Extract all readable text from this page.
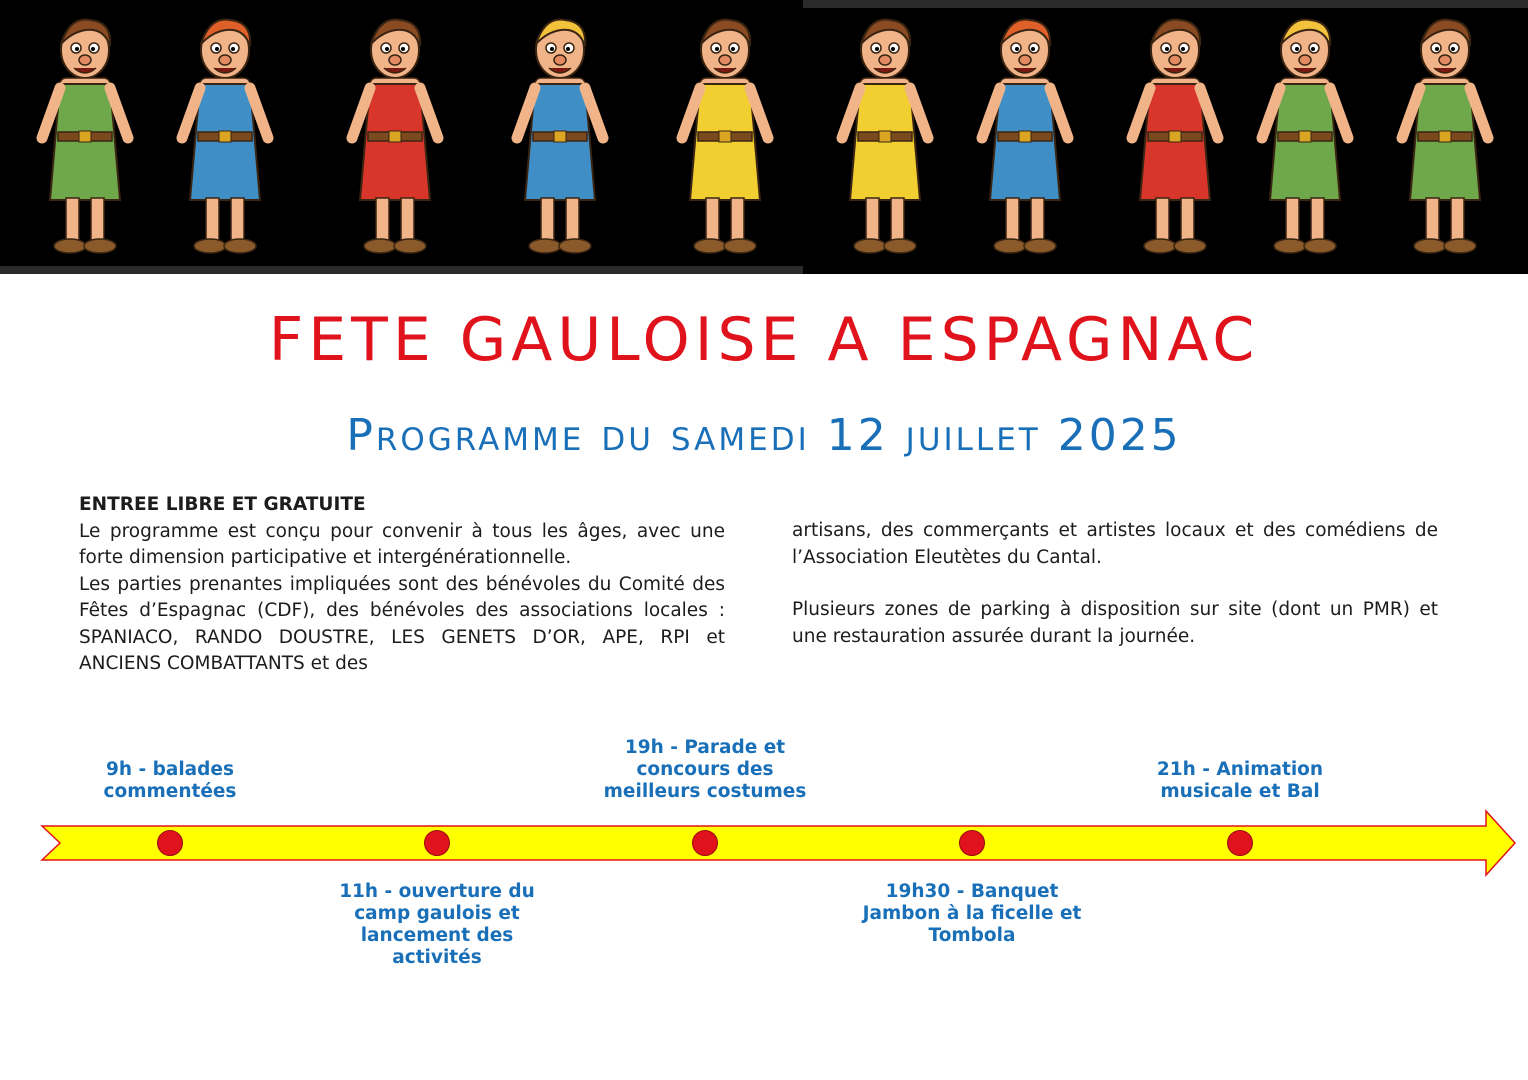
FETE GAULOISE A ESPAGNAC
Programme du samedi 12 juillet 2025

ENTREE LIBRE ET GRATUITE

Le programme est conçu pour convenir à tous les âges, avec une forte dimension participative et intergénérationnelle.

Les parties prenantes impliquées sont des bénévoles du Comité des Fêtes d’Espagnac (CDF), des bénévoles des associations locales : SPANIACO, RANDO DOUSTRE, LES GENETS D’OR, APE, RPI et ANCIENS COMBATTANTS et des

artisans, des commerçants et artistes locaux et des comédiens de l’Association Eleutètes du Cantal.

Plusieurs zones de parking à disposition sur site (dont un PMR) et une restauration assurée durant la journée.

9h - balades
commentées
11h - ouverture du
camp gaulois et
lancement des
activités
19h - Parade et
concours des
meilleurs costumes
19h30 - Banquet
Jambon à la ficelle et
Tombola
21h - Animation
musicale et Bal
